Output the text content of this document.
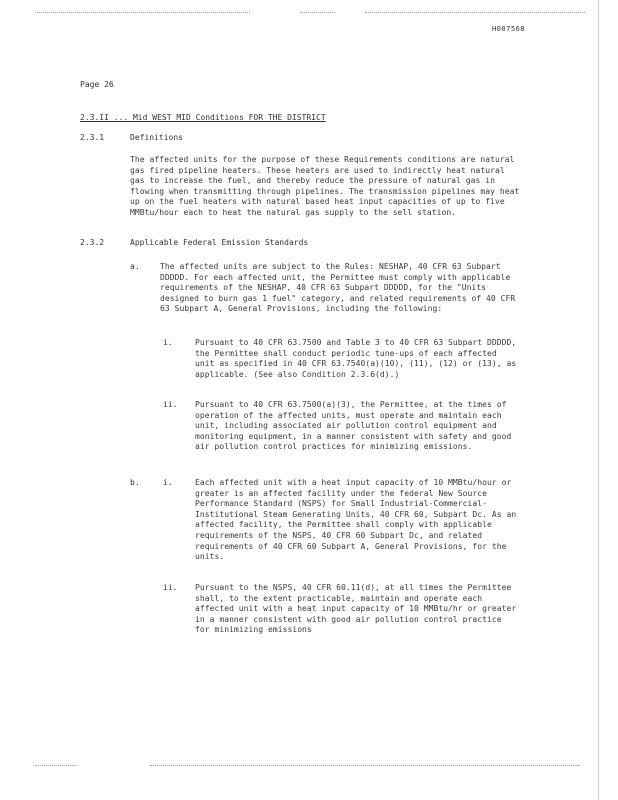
H007568
Page 26
2.3.II ... Mid WEST MID Conditions FOR THE DISTRICT
2.3.1	Definitions

The affected units for the purpose of these Requirements conditions are natural gas fired pipeline heaters. These heaters are used to indirectly heat natural gas to increase the fuel, and thereby reduce the pressure of natural gas in flowing when transmitting through pipelines. The transmission pipelines may heat up on the fuel heaters with natural based heat input capacities of up to five MMBtu/hour each to heat the natural gas supply to the sell station.

2.3.2	Applicable Federal Emission Standards
a.	The affected units are subject to the Rules: NESHAP, 40 CFR 63 Subpart DDDDD. For each affected unit, the Permittee must comply with applicable requirements of the NESHAP, 40 CFR 63 Subpart DDDDD, for the "Units designed to burn gas 1 fuel" category, and related requirements of 40 CFR 63 Subpart A, General Provisions, including the following:

i.	Pursuant to 40 CFR 63.7500 and Table 3 to 40 CFR 63 Subpart DDDDD, the Permittee shall conduct periodic tune-ups of each affected unit as specified in 40 CFR 63.7540(a)(10), (11), (12) or (13), as applicable. (See also Condition 2.3.6(d).)

ii. Pursuant to 40 CFR 63.7500(a)(3), the Permittee, at the times of operation of the affected units, must operate and maintain each unit, including associated air pollution control equipment and monitoring equipment, in a manner consistent with safety and good air pollution control practices for minimizing emissions.

b.	i.	Each affected unit with a heat input capacity of 10 MMBtu/hour or greater is an affected facility under the federal New Source Performance Standard (NSPS) for Small Industrial-Commercial-Institutional Steam Generating Units, 40 CFR 60, Subpart Dc. As an affected facility, the Permittee shall comply with applicable requirements of the NSPS, 40 CFR 60 Subpart Dc, and related requirements of 40 CFR 60 Subpart A, General Provisions, for the units.

ii. Pursuant to the NSPS, 40 CFR 60.11(d), at all times the Permittee shall, to the extent practicable, maintain and operate each affected unit with a heat input capacity of 10 MMBtu/hr or greater in a manner consistent with good air pollution control practice for minimizing emissions
